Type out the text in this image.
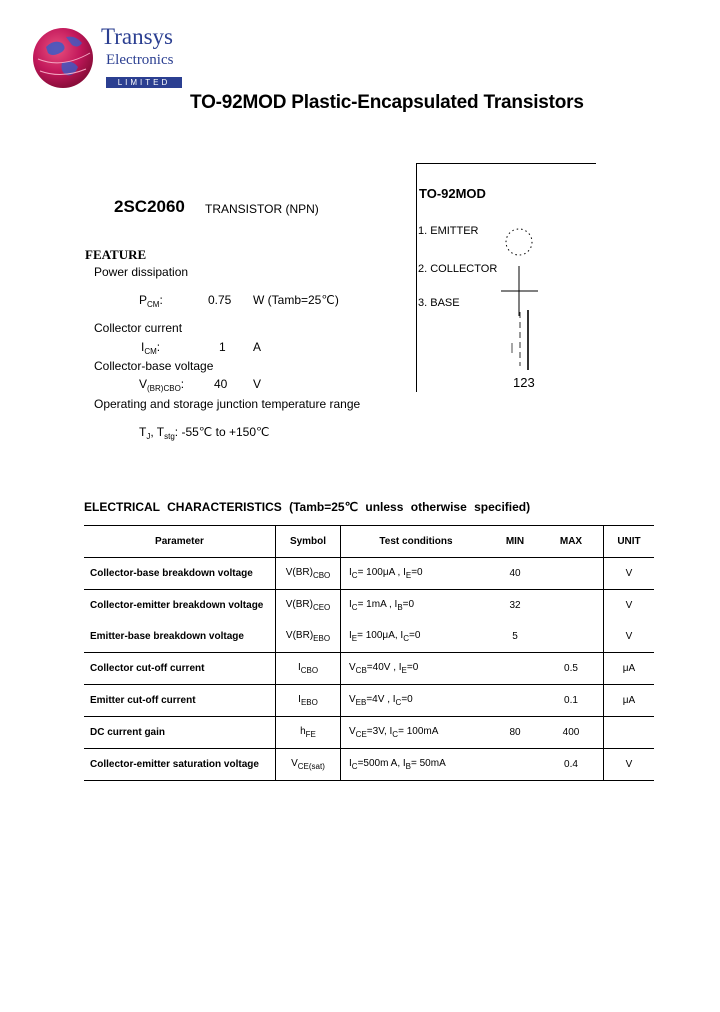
Transys
Electronics
LIMITED
TO-92MOD Plastic-Encapsulated Transistors
TO-92MOD
1. EMITTER
2. COLLECTOR
3. BASE
123
2SC2060 TRANSISTOR (NPN)
FEATURE
Power dissipation
$P_{CM}$:	0.75 W (Tamb=25℃)
Collector current
$I_{CM}$:	1 A
Collector-base voltage
$V_{(BR)CBO}$: 40 V
Operating and storage junction temperature range
$T_J$, $T_{stg}$: -55℃ to +150℃
ELECTRICAL CHARACTERISTICS (Tamb=25℃ unless otherwise specified)
Parameter	Symbol	Test conditions	MIN	MAX	UNIT
Collector-base breakdown voltage	$V(BR)_{CBO}$	$I_C= 100\mu A$ , $I_E=0$	40		V
Collector-emitter breakdown voltage	$V(BR)_{CEO}$	$I_C= 1mA$ , $I_B=0$	32		V
Emitter-base breakdown voltage	$V(BR)_{EBO}$	$I_E= 100\mu A$, $I_C=0$	5		V
Collector cut-off current	$I_{CBO}$	$V_{CB}=40V$ , $I_E=0$		0.5	μA
Emitter cut-off current	$I_{EBO}$	$V_{EB}=4V$ , $I_C=0$		0.1	μA
DC current gain	$h_{FE}$	$V_{CE}=3V$, $I_C= 100mA$	80	400	
Collector-emitter saturation voltage	$V_{CE(sat)}$	$I_C=500m$ A, $I_B= 50mA$		0.4	V
